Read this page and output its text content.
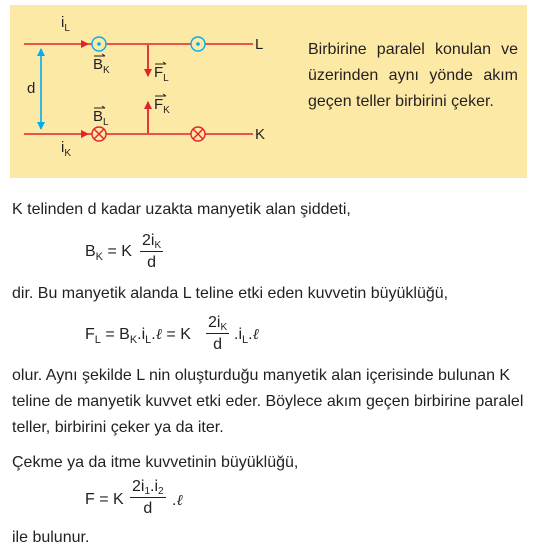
$i_L$
$i_K$
d
$B_K$
$B_L$
$F_L$
$F_K$
L
K
Birbirine paralel konulan ve üzerinden aynı yönde akım geçen teller birbirini çeker.
K telinden d kadar uzakta manyetik alan şiddeti,
$B_K = K \frac{2iK}{d}$
dir. Bu manyetik alanda L teline etki eden kuvvetin büyüklüğü,
$F_L$ = $B_K.i_L.\ell = K \frac{2iK}{d}$ $.i_L.\ell$
olur. Aynı şekilde L nin oluşturduğu manyetik alan içerisinde bulunan K teline de manyetik kuvvet etki eder. Böylece akım geçen birbirine paralel teller, birbirini çeker ya da iter.
Çekme ya da itme kuvvetinin büyüklüğü,
F = K $\frac{2i1.i2}{d}$ .ℓ
ile bulunur.
